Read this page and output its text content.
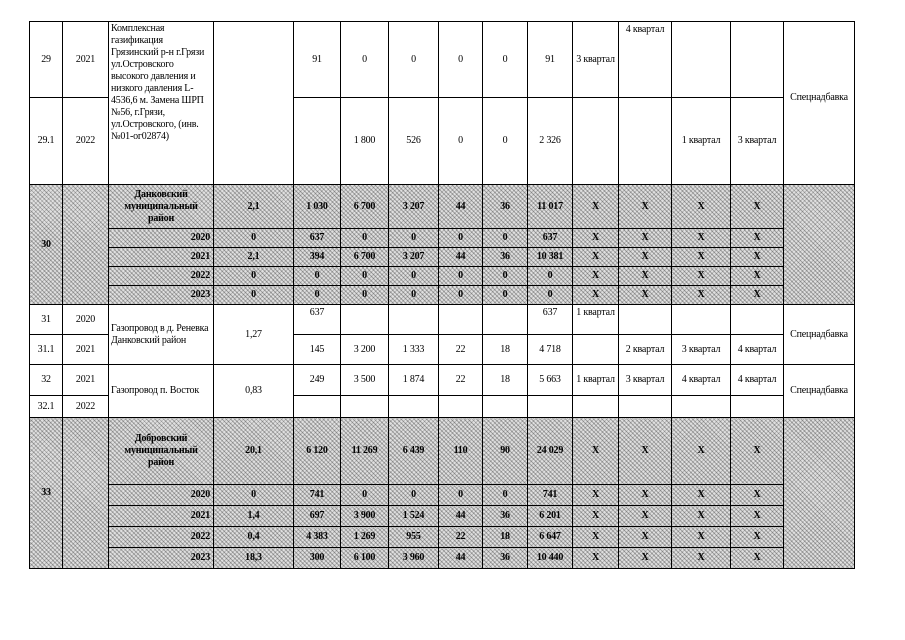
29	2021	Комплексная газификация Грязинский р-н г.Грязи ул.Островского высокого давления и низкого давления L-4536,6 м. Замена ШРП №56, г.Грязи, ул.Островского, (инв. №01-ог02874)		91	0	0	0	0	91	3 квартал	4 квартал			Спецнадбавка
29.1	2022				1 800	526	0	0	2 326			1 квартал	3 квартал	
30		Данковский муниципальный район	2,1	1 030	6 700	3 207	44	36	11 017	X	X	X	X	
		2020	0	637	0	0	0	0	637	X	X	X	X	
		2021	2,1	394	6 700	3 207	44	36	10 381	X	X	X	X	
		2022	0	0	0	0	0	0	0	X	X	X	X	
		2023	0	0	0	0	0	0	0	X	X	X	X	
31	2020	Газопровод в д. Реневка Данковский район	1,27	637					637	1 квартал				Спецнадбавка
31.1	2021			145	3 200	1 333	22	18	4 718		2 квартал	3 квартал	4 квартал	
32	2021	Газопровод п. Восток	0,83	249	3 500	1 874	22	18	5 663	1 квартал	3 квартал	4 квартал	4 квартал	Спецнадбавка
32.1	2022													
33		Добровский муниципальный район	20,1	6 120	11 269	6 439	110	90	24 029	X	X	X	X	
		2020	0	741	0	0	0	0	741	X	X	X	X	
		2021	1,4	697	3 900	1 524	44	36	6 201	X	X	X	X	
		2022	0,4	4 383	1 269	955	22	18	6 647	X	X	X	X	
		2023	18,3	300	6 100	3 960	44	36	10 440	X	X	X	X	
